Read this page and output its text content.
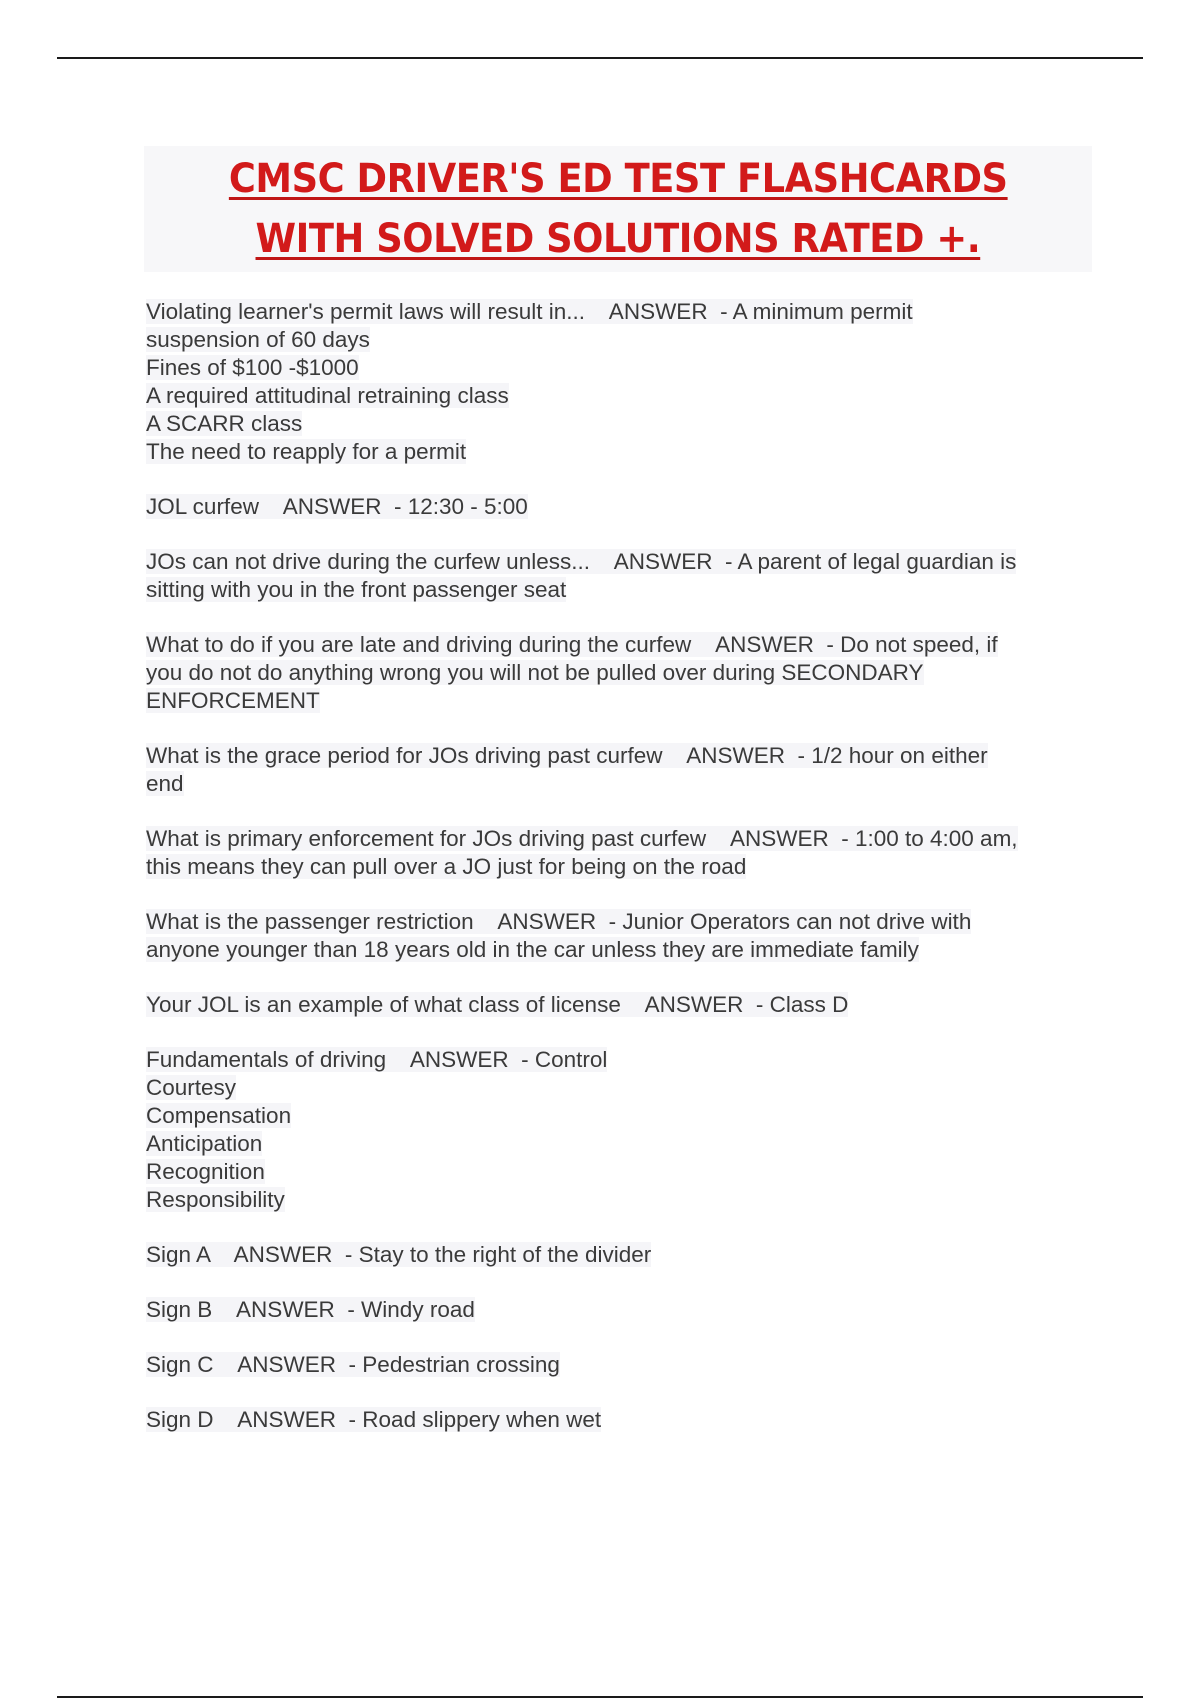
CMSC DRIVER'S ED TEST FLASHCARDS
WITH SOLVED SOLUTIONS RATED +.
Violating learner's permit laws will result in...    ANSWER  - A minimum permit
suspension of 60 days
Fines of $100 -$1000
A required attitudinal retraining class
A SCARR class
The need to reapply for a permit
JOL curfew    ANSWER  - 12:30 - 5:00
JOs can not drive during the curfew unless...    ANSWER  - A parent of legal guardian is
sitting with you in the front passenger seat
What to do if you are late and driving during the curfew    ANSWER  - Do not speed, if
you do not do anything wrong you will not be pulled over during SECONDARY
ENFORCEMENT
What is the grace period for JOs driving past curfew    ANSWER  - 1/2 hour on either
end
What is primary enforcement for JOs driving past curfew    ANSWER  - 1:00 to 4:00 am,
this means they can pull over a JO just for being on the road
What is the passenger restriction    ANSWER  - Junior Operators can not drive with
anyone younger than 18 years old in the car unless they are immediate family
Your JOL is an example of what class of license    ANSWER  - Class D
Fundamentals of driving    ANSWER  - Control
Courtesy
Compensation
Anticipation
Recognition
Responsibility
Sign A    ANSWER  - Stay to the right of the divider
Sign B    ANSWER  - Windy road
Sign C    ANSWER  - Pedestrian crossing
Sign D    ANSWER  - Road slippery when wet
